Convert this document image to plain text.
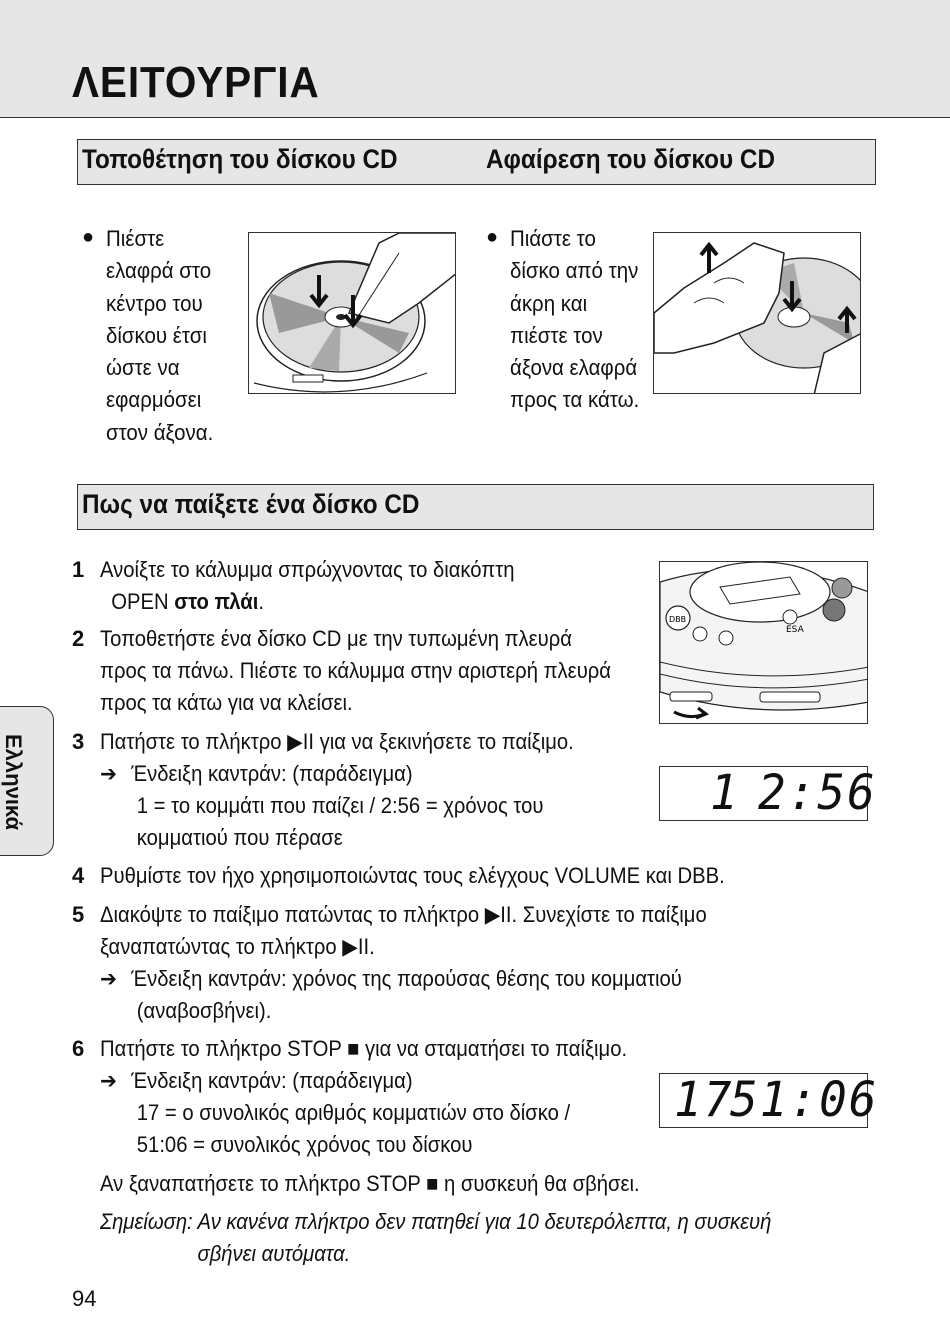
ΛΕΙΤΟΥΡΓΙΑ
Τοποθέτηση του δίσκου CD	Αφαίρεση του δίσκου CD
● Πιέστε
ελαφρά στο
κέντρο του
δίσκου έτσι
ώστε να
εφαρμόσει
στον άξονα.
● Πιάστε το
δίσκο από την
άκρη και
πιέστε τον
άξονα ελαφρά
προς τα κάτω.
Πως να παίξετε ένα δίσκο CD
1 Ανοίξτε το κάλυμμα σπρώχνοντας το διακόπτη
OPEN στο πλάι.
2 Τοποθετήστε ένα δίσκο CD με την τυπωμένη πλευρά
προς τα πάνω. Πιέστε το κάλυμμα στην αριστερή πλευρά
προς τα κάτω για να κλείσει.
DBB
ESA
3 Πατήστε το πλήκτρο ▶II για να ξεκινήσετε το παίξιμο.
➔ Ένδειξη καντράν: (παράδειγμα)
1 = το κομμάτι που παίζει / 2:56 = χρόνος του
κομματιού που πέρασε
1 2:56
4 Ρυθμίστε τον ήχο χρησιμοποιώντας τους ελέγχους VOLUME και DBB.
5 Διακόψτε το παίξιμο πατώντας το πλήκτρο ▶II. Συνεχίστε το παίξιμο
ξαναπατώντας το πλήκτρο ▶II.
➔ Ένδειξη καντράν: χρόνος της παρούσας θέσης του κομματιού
(αναβοσβήνει).
6 Πατήστε το πλήκτρο STOP ■ για να σταματήσει το παίξιμο.
➔ Ένδειξη καντράν: (παράδειγμα)
17 = ο συνολικός αριθμός κομματιών στο δίσκο /
51:06 = συνολικός χρόνος του δίσκου
17
51:06
Αν ξαναπατήσετε το πλήκτρο STOP ■ η συσκευή θα σβήσει.
Σημείωση: Αν κανένα πλήκτρο δεν πατηθεί για 10 δευτερόλεπτα, η συσκευή
σβήνει αυτόματα.
Ελληνικά
94
